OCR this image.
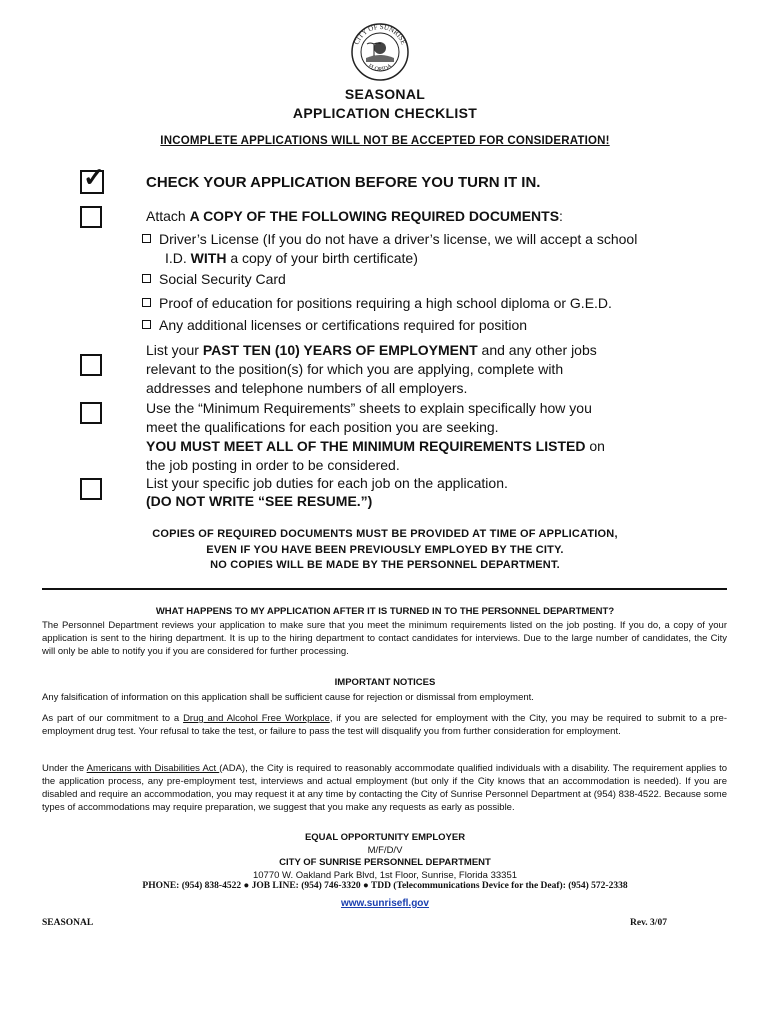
CITY OF SUNRISE
FLORIDA
SEASONAL
APPLICATION CHECKLIST
INCOMPLETE APPLICATIONS WILL NOT BE ACCEPTED FOR CONSIDERATION!
✓	CHECK YOUR APPLICATION BEFORE YOU TURN IT IN.
Attach A COPY OF THE FOLLOWING REQUIRED DOCUMENTS:
Driver’s License (If you do not have a driver’s license, we will accept a school
I.D. WITH a copy of your birth certificate)
Social Security Card
Proof of education for positions requiring a high school diploma or G.E.D.
Any additional licenses or certifications required for position
List your PAST TEN (10) YEARS OF EMPLOYMENT and any other jobs
relevant to the position(s) for which you are applying, complete with
addresses and telephone numbers of all employers.
Use the “Minimum Requirements” sheets to explain specifically how you
meet the qualifications for each position you are seeking.
YOU MUST MEET ALL OF THE MINIMUM REQUIREMENTS LISTED on
the job posting in order to be considered.
List your specific job duties for each job on the application.
(DO NOT WRITE “SEE RESUME.”)
COPIES OF REQUIRED DOCUMENTS MUST BE PROVIDED AT TIME OF APPLICATION,
EVEN IF YOU HAVE BEEN PREVIOUSLY EMPLOYED BY THE CITY.
NO COPIES WILL BE MADE BY THE PERSONNEL DEPARTMENT.
WHAT HAPPENS TO MY APPLICATION AFTER IT IS TURNED IN TO THE PERSONNEL DEPARTMENT?
The Personnel Department reviews your application to make sure that you meet the minimum requirements listed on the job posting. If you do, a copy of your application is sent to the hiring department. It is up to the hiring department to contact candidates for interviews. Due to the large number of candidates, the City will only be able to notify you if you are considered for further processing.
IMPORTANT NOTICES
Any falsification of information on this application shall be sufficient cause for rejection or dismissal from employment.
As part of our commitment to a Drug and Alcohol Free Workplace, if you are selected for employment with the City, you may be required to submit to a pre-employment drug test. Your refusal to take the test, or failure to pass the test will disqualify you from further consideration for employment.
Under the Americans with Disabilities Act (ADA), the City is required to reasonably accommodate qualified individuals with a disability. The requirement applies to the application process, any pre-employment test, interviews and actual employment (but only if the City knows that an accommodation is needed). If you are disabled and require an accommodation, you may request it at any time by contacting the City of Sunrise Personnel Department at (954) 838-4522. Because some types of accommodations may require preparation, we suggest that you make any requests as early as possible.
EQUAL OPPORTUNITY EMPLOYER
M/F/D/V
CITY OF SUNRISE PERSONNEL DEPARTMENT
10770 W. Oakland Park Blvd, 1st Floor, Sunrise, Florida 33351
PHONE: (954) 838-4522 ● JOB LINE: (954) 746-3320 ● TDD (Telecommunications Device for the Deaf): (954) 572-2338
www.sunrisefl.gov
SEASONAL	Rev. 3/07
